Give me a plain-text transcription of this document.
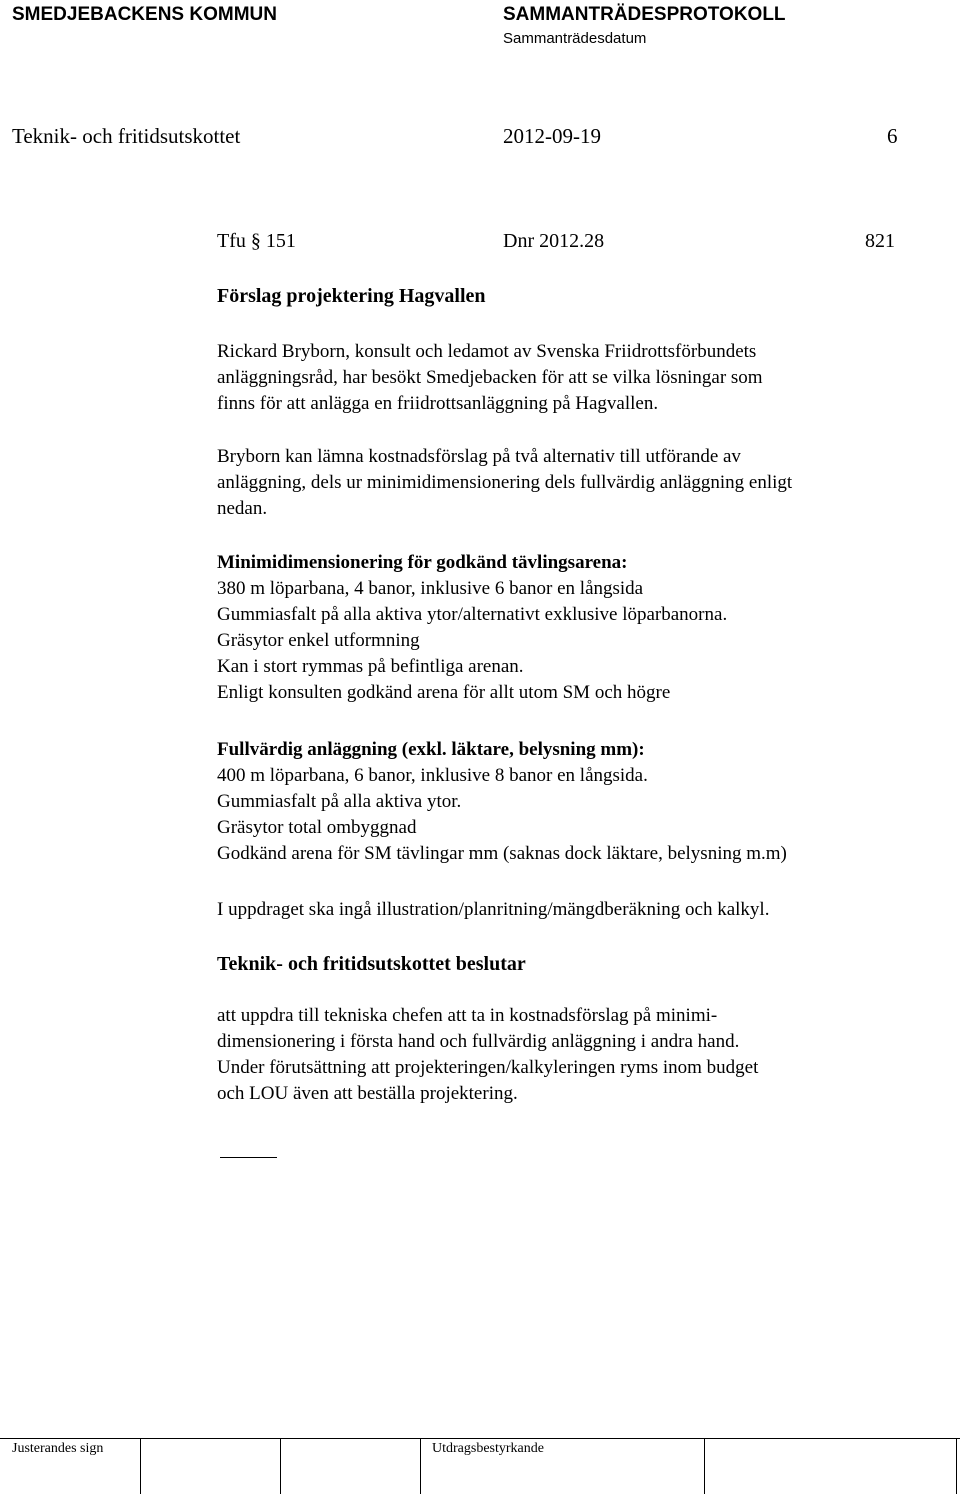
SMEDJEBACKENS KOMMUN	SAMMANTRÄDESPROTOKOLL
Sammanträdesdatum
Teknik- och fritidsutskottet	2012-09-19	6
Tfu § 151	Dnr 2012.28	821
Förslag projektering Hagvallen
Rickard Bryborn, konsult och ledamot av Svenska Friidrottsförbundets
anläggningsråd, har besökt Smedjebacken för att se vilka lösningar som
finns för att anlägga en friidrottsanläggning på Hagvallen.
Bryborn kan lämna kostnadsförslag på två alternativ till utförande av
anläggning, dels ur minimidimensionering dels fullvärdig anläggning enligt
nedan.
Minimidimensionering för godkänd tävlingsarena:
380 m löparbana, 4 banor, inklusive 6 banor en långsida
Gummiasfalt på alla aktiva ytor/alternativt exklusive löparbanorna.
Gräsytor enkel utformning
Kan i stort rymmas på befintliga arenan.
Enligt konsulten godkänd arena för allt utom SM och högre
Fullvärdig anläggning (exkl. läktare, belysning mm):
400 m löparbana, 6 banor, inklusive 8 banor en långsida.
Gummiasfalt på alla aktiva ytor.
Gräsytor total ombyggnad
Godkänd arena för SM tävlingar mm (saknas dock läktare, belysning m.m)
I uppdraget ska ingå illustration/planritning/mängdberäkning och kalkyl.
Teknik- och fritidsutskottet beslutar
att uppdra till tekniska chefen att ta in kostnadsförslag på minimi-
dimensionering i första hand och fullvärdig anläggning i andra hand.
Under förutsättning att projekteringen/kalkyleringen ryms inom budget
och LOU även att beställa projektering.
Justerandes sign	Utdragsbestyrkande
